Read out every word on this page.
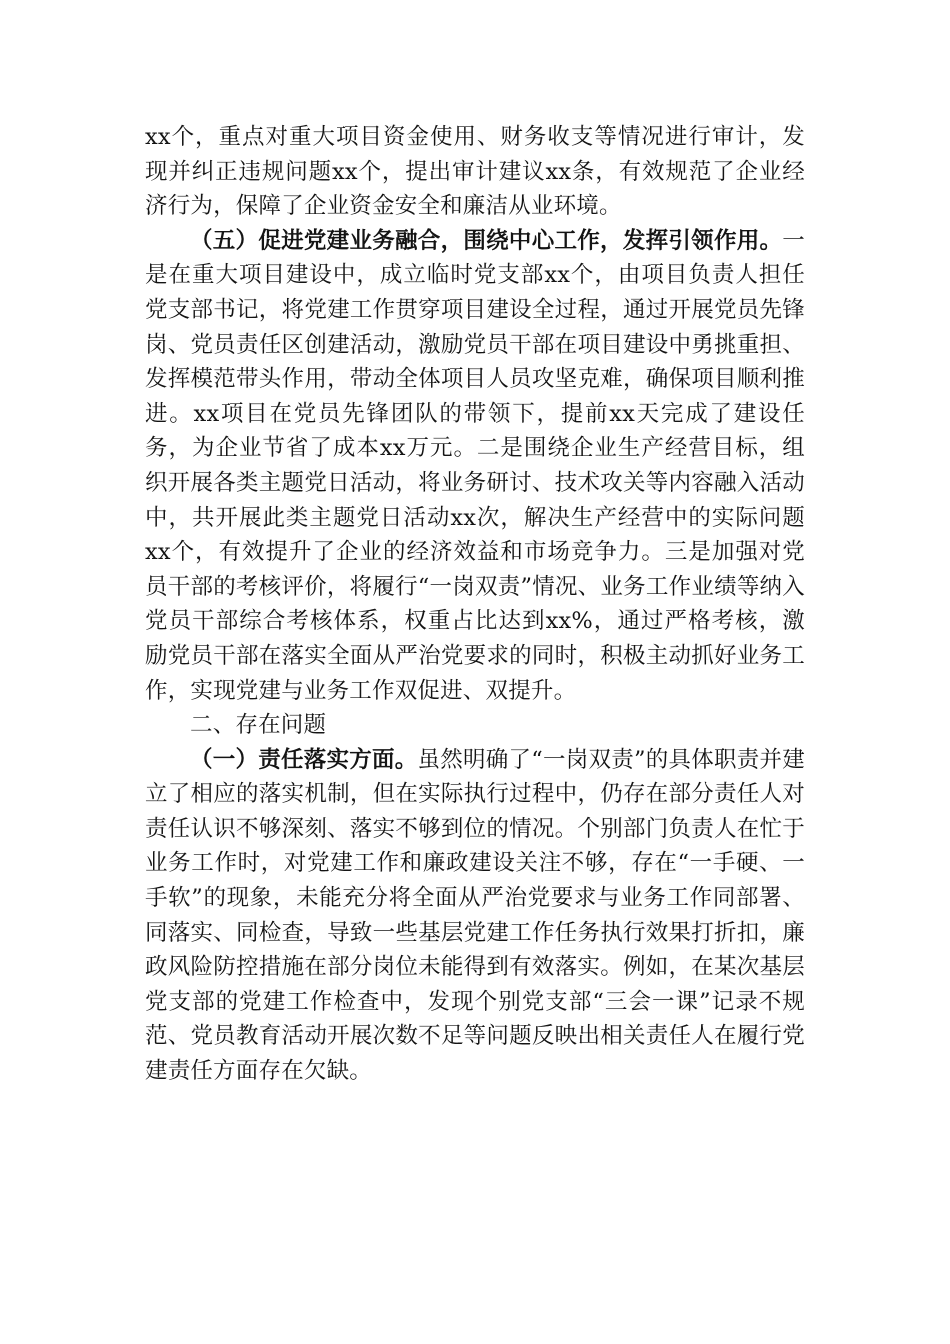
xx个，重点对重大项目资金使用、财务收支等情况进行审计，发现并纠正违规问题xx个，提出审计建议xx条，有效规范了企业经济行为，保障了企业资金安全和廉洁从业环境。

（五）促进党建业务融合，围绕中心工作，发挥引领作用。一是在重大项目建设中，成立临时党支部xx个，由项目负责人担任党支部书记，将党建工作贯穿项目建设全过程，通过开展党员先锋岗、党员责任区创建活动，激励党员干部在项目建设中勇挑重担、发挥模范带头作用，带动全体项目人员攻坚克难，确保项目顺利推进。xx项目在党员先锋团队的带领下，提前xx天完成了建设任务，为企业节省了成本xx万元。二是围绕企业生产经营目标，组织开展各类主题党日活动，将业务研讨、技术攻关等内容融入活动中，共开展此类主题党日活动xx次，解决生产经营中的实际问题xx个，有效提升了企业的经济效益和市场竞争力。三是加强对党员干部的考核评价，将履行“一岗双责”情况、业务工作业绩等纳入党员干部综合考核体系，权重占比达到xx%，通过严格考核，激励党员干部在落实全面从严治党要求的同时，积极主动抓好业务工作，实现党建与业务工作双促进、双提升。

二、存在问题

（一）责任落实方面。虽然明确了“一岗双责”的具体职责并建立了相应的落实机制，但在实际执行过程中，仍存在部分责任人对责任认识不够深刻、落实不够到位的情况。个别部门负责人在忙于业务工作时，对党建工作和廉政建设关注不够，存在“一手硬、一手软”的现象，未能充分将全面从严治党要求与业务工作同部署、同落实、同检查，导致一些基层党建工作任务执行效果打折扣，廉政风险防控措施在部分岗位未能得到有效落实。例如，在某次基层党支部的党建工作检查中，发现个别党支部“三会一课”记录不规范、党员教育活动开展次数不足等问题反映出相关责任人在履行党建责任方面存在欠缺。
